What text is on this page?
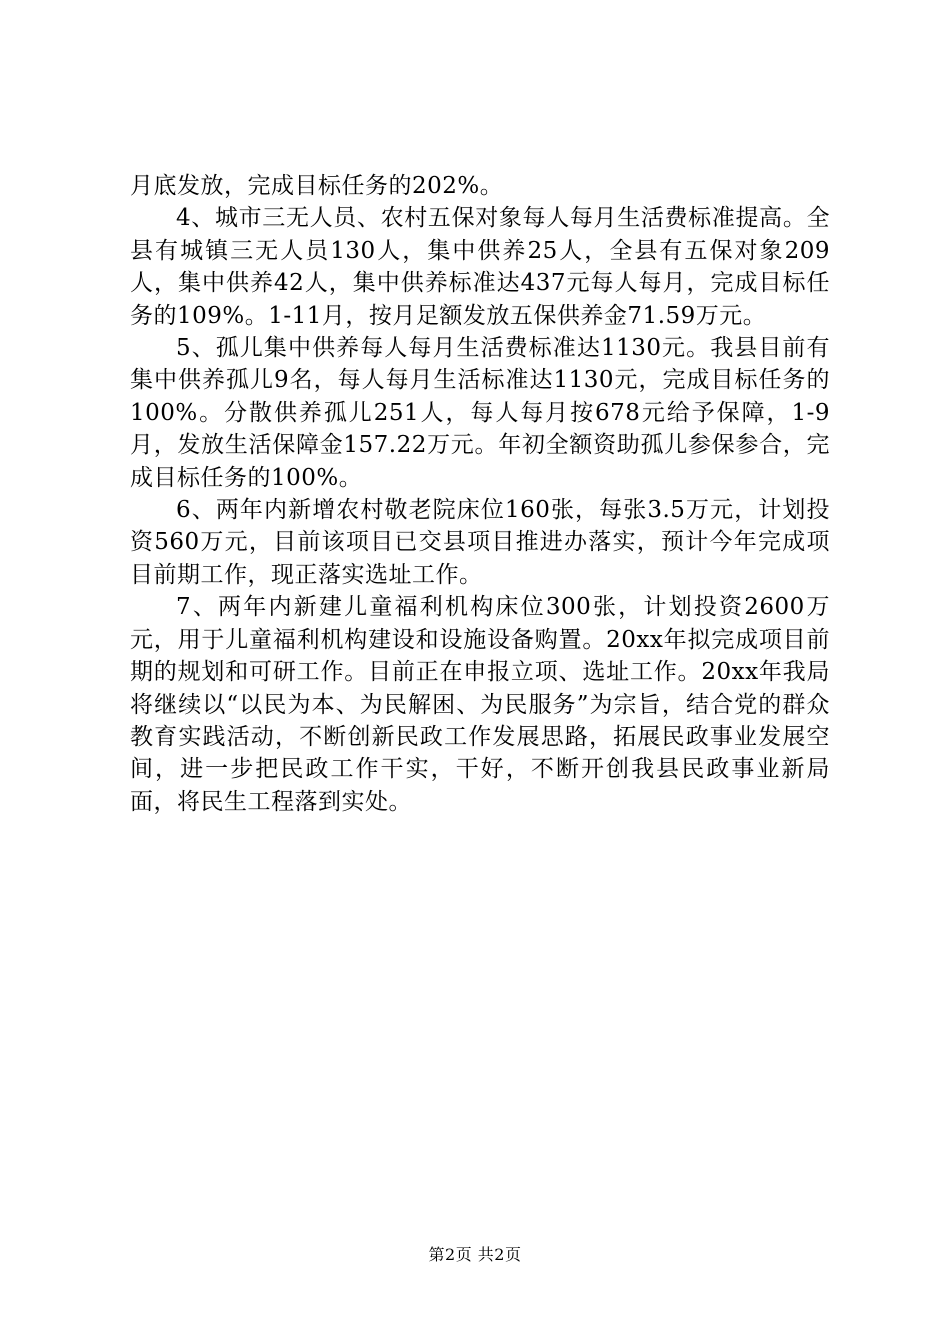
月底发放，完成目标任务的202%。

4、城市三无人员、农村五保对象每人每月生活费标准提高。全县有城镇三无人员130人，集中供养25人，全县有五保对象209人，集中供养42人，集中供养标准达437元每人每月，完成目标任务的109%。1-11月，按月足额发放五保供养金71.59万元。

5、孤儿集中供养每人每月生活费标准达1130元。我县目前有集中供养孤儿9名，每人每月生活标准达1130元，完成目标任务的100%。分散供养孤儿251人，每人每月按678元给予保障，1-9月，发放生活保障金157.22万元。年初全额资助孤儿参保参合，完成目标任务的100%。

6、两年内新增农村敬老院床位160张，每张3.5万元，计划投资560万元，目前该项目已交县项目推进办落实，预计今年完成项目前期工作，现正落实选址工作。

7、两年内新建儿童福利机构床位300张，计划投资2600万元，用于儿童福利机构建设和设施设备购置。20xx年拟完成项目前期的规划和可研工作。目前正在申报立项、选址工作。20xx年我局将继续以“以民为本、为民解困、为民服务”为宗旨，结合党的群众教育实践活动，不断创新民政工作发展思路，拓展民政事业发展空间，进一步把民政工作干实，干好，不断开创我县民政事业新局面，将民生工程落到实处。

第2页 共2页
